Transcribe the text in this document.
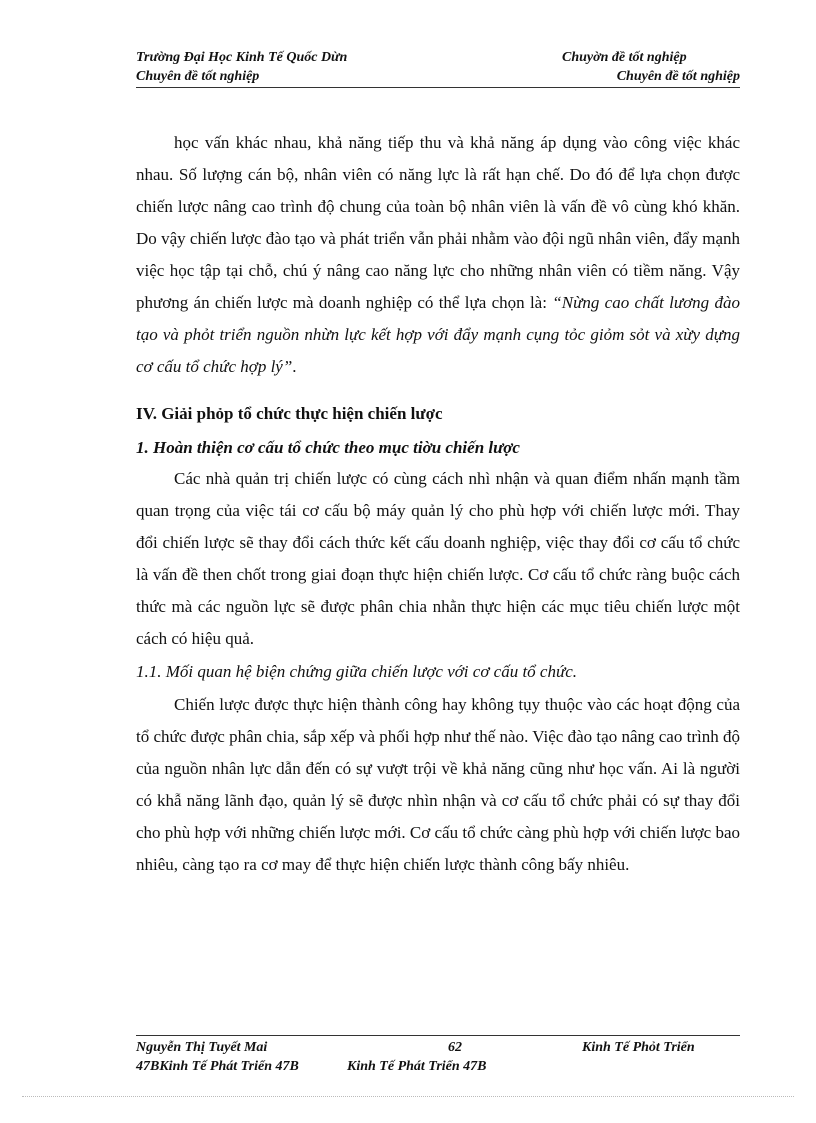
Trường Đại Học Kinh Tế Quốc Dừn	Chuyờn đề tốt nghiệp
Chuyên đề tốt nghiệp	Chuyên đề tốt nghiệp

học vấn khác nhau, khả năng tiếp thu và khả năng áp dụng vào công việc khác nhau. Số lượng cán bộ, nhân viên có năng lực là rất hạn chế. Do đó để lựa chọn được chiến lược nâng cao trình độ chung của toàn bộ nhân viên là vấn đề vô cùng khó khăn. Do vậy chiến lược đào tạo và phát triển vẫn phải nhằm vào đội ngũ nhân viên, đẩy mạnh việc học tập tại chỗ, chú ý nâng cao năng lực cho những nhân viên có tiềm năng. Vậy phương án chiến lược mà doanh nghiệp có thể lựa chọn là: “Nừng cao chất lương đào tạo và phỏt triển nguồn nhừn lực kết hợp với đẩy mạnh cụng tỏc giỏm sỏt và xừy dựng cơ cấu tổ chức hợp lý”.

IV. Giải phỏp tổ chức thực hiện chiến lược
1. Hoàn thiện cơ cấu tổ chức theo mục tiờu chiến lược

Các nhà quản trị chiến lược có cùng cách nhì nhận và quan điểm nhấn mạnh tầm quan trọng của việc tái cơ cấu bộ máy quản lý cho phù hợp với chiến lược mới. Thay đổi chiến lược sẽ thay đổi cách thức kết cấu doanh nghiệp, việc thay đổi cơ cấu tổ chức là vấn đề then chốt trong giai đoạn thực hiện chiến lược. Cơ cấu tổ chức ràng buộc cách thức mà các nguồn lực sẽ được phân chia nhằn thực hiện các mục tiêu chiến lược một cách có hiệu quả.

1.1. Mối quan hệ biện chứng giữa chiến lược với cơ cấu tổ chức.

Chiến lược được thực hiện thành công hay không tụy thuộc vào các hoạt động của tổ chức được phân chia, sắp xếp và phối hợp như thế nào. Việc đào tạo nâng cao trình độ của nguồn nhân lực dẫn đến có sự vượt trội về khả năng cũng như học vấn. Ai là người có khẫ năng lãnh đạo, quản lý sẽ được nhìn nhận và cơ cấu tổ chức phải có sự thay đổi cho phù hợp với những chiến lược mới. Cơ cấu tổ chức càng phù hợp với chiến lược bao nhiêu, càng tạo ra cơ may để thực hiện chiến lược thành công bấy nhiêu.

Nguyễn Thị Tuyết Mai	62	Kinh Tế Phỏt Triển
47BKinh Tế Phát Triển 47B	Kinh Tế Phát Triển 47B
